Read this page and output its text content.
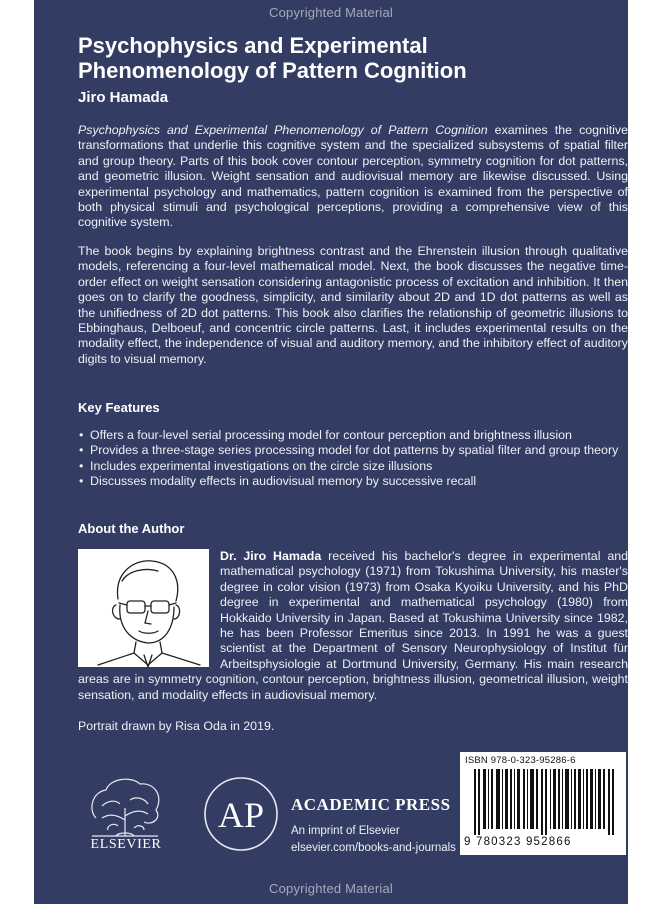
Copyrighted Material
Psychophysics and Experimental
Phenomenology of Pattern Cognition
Jiro Hamada
Psychophysics and Experimental Phenomenology of Pattern Cognition examines the cognitive transformations that underlie this cognitive system and the specialized subsystems of spatial filter and group theory. Parts of this book cover contour perception, symmetry cognition for dot patterns, and geometric illusion. Weight sensation and audiovisual memory are likewise discussed. Using experimental psychology and mathematics, pattern cognition is examined from the perspective of both physical stimuli and psychological perceptions, providing a comprehensive view of this cognitive system.
The book begins by explaining brightness contrast and the Ehrenstein illusion through qualitative models, referencing a four-level mathematical model. Next, the book discusses the negative time-order effect on weight sensation considering antagonistic process of excitation and inhibition. It then goes on to clarify the goodness, simplicity, and similarity about 2D and 1D dot patterns as well as the unifiedness of 2D dot patterns. This book also clarifies the relationship of geometric illusions to Ebbinghaus, Delboeuf, and concentric circle patterns. Last, it includes experimental results on the modality effect, the independence of visual and auditory memory, and the inhibitory effect of auditory digits to visual memory.
Key Features
• Offers a four-level serial processing model for contour perception and brightness illusion
• Provides a three-stage series processing model for dot patterns by spatial filter and group theory
• Includes experimental investigations on the circle size illusions
• Discusses modality effects in audiovisual memory by successive recall
About the Author
Dr. Jiro Hamada received his bachelor's degree in experimental and mathematical psychology (1971) from Tokushima University, his master's degree in color vision (1973) from Osaka Kyoiku University, and his PhD degree in experimental and mathematical psychology (1980) from Hokkaido University in Japan. Based at Tokushima University since 1982, he has been Professor Emeritus since 2013. In 1991 he was a guest scientist at the Department of Sensory Neurophysiology of Institut für Arbeitsphysiologie at Dortmund University, Germany. His main research areas are in symmetry cognition, contour perception, brightness illusion, geometrical illusion, weight sensation, and modality effects in audiovisual memory.
Portrait drawn by Risa Oda in 2019.
ISBN 978-0-323-95286-6
9 780323 952866
ELSEVIER
AP ACADEMIC PRESS
An imprint of Elsevier
elsevier.com/books-and-journals
Copyrighted Material
